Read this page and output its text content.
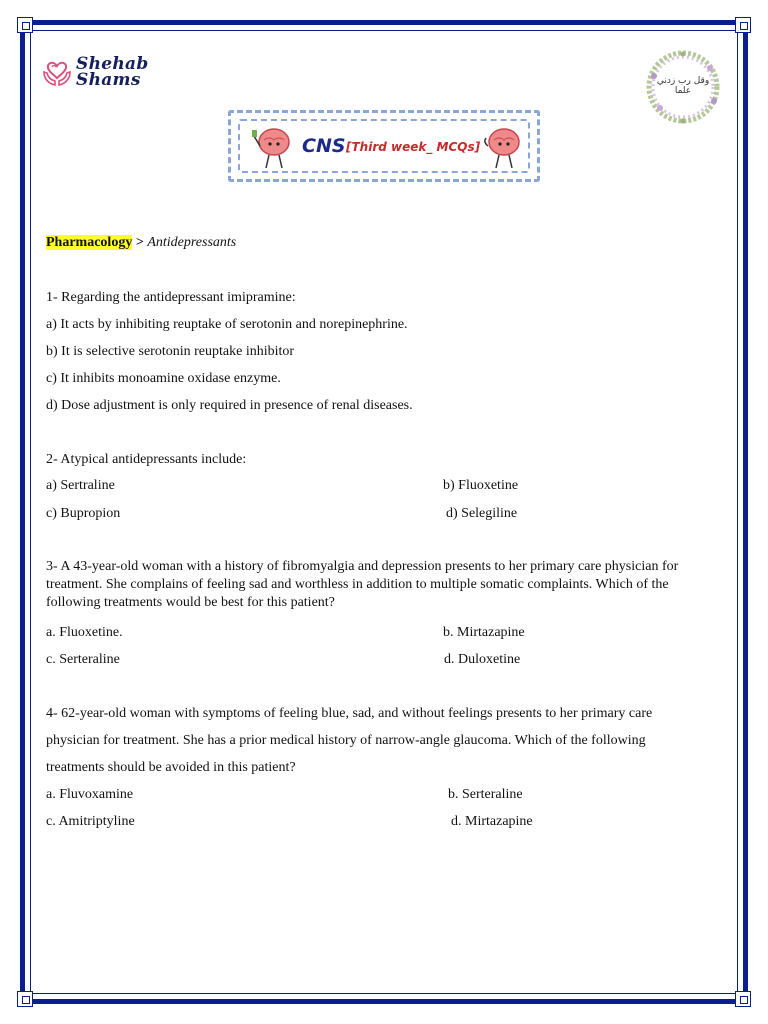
Shehab
Shams	وقل رب زدني علما
CNS [Third week_ MCQs]
Pharmacology > Antidepressants
1- Regarding the antidepressant imipramine:
a) It acts by inhibiting reuptake of serotonin and norepinephrine.
b) It is selective serotonin reuptake inhibitor
c) It inhibits monoamine oxidase enzyme.
d) Dose adjustment is only required in presence of renal diseases.
2- Atypical antidepressants include:
a) Sertraline	b) Fluoxetine
c) Bupropion	d) Selegiline
3- A 43-year-old woman with a history of fibromyalgia and depression presents to her primary care physician for treatment. She complains of feeling sad and worthless in addition to multiple somatic complaints. Which of the following treatments would be best for this patient?
a. Fluoxetine.	b. Mirtazapine
c. Serteraline	d. Duloxetine
4- 62-year-old woman with symptoms of feeling blue, sad, and without feelings presents to her primary care
physician for treatment. She has a prior medical history of narrow-angle glaucoma. Which of the following
treatments should be avoided in this patient?
a. Fluvoxamine	b. Serteraline
c. Amitriptyline	d. Mirtazapine
